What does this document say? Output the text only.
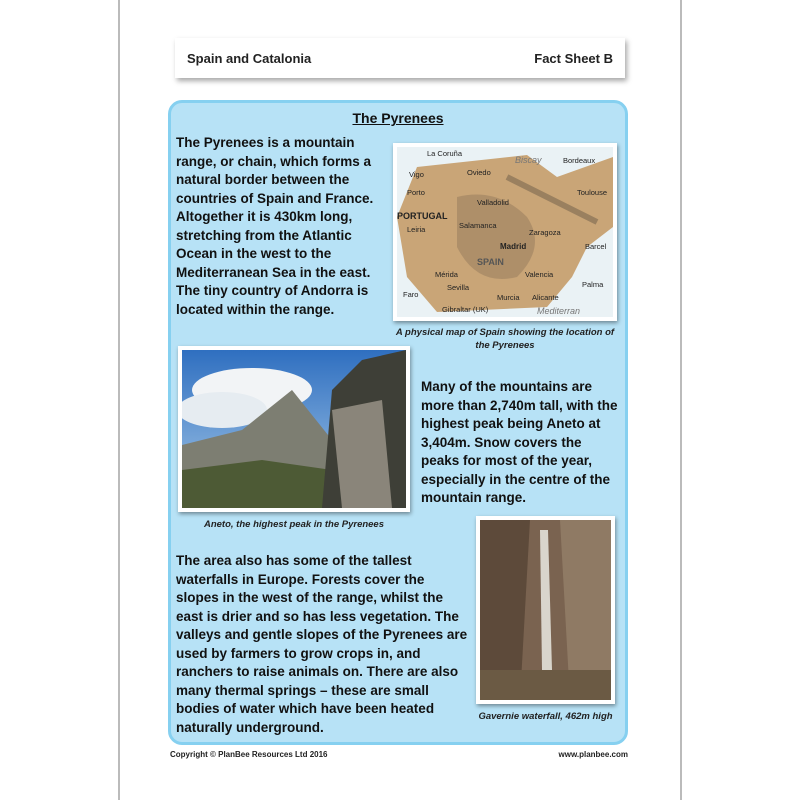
Spain and Catalonia	Fact Sheet B
The Pyrenees
The Pyrenees is a mountain range, or chain, which forms a natural border between the countries of Spain and France. Altogether it is 430km long, stretching from the Atlantic Ocean in the west to the Mediterranean Sea in the east. The tiny country of Andorra is located within the range.
La Coruña
Biscay	Bordeaux
Vigo	Oviedo
Porto
Valladolid
Toulouse
PORTUGAL
Leiria	Salamanca
Zaragoza
Madrid
SPAIN
Barcel
Mérida	Valencia
Sevilla
Faro	Murcia Alicante
Palma
Gibraltar (UK)	Mediterran
A physical map of Spain showing the location of the Pyrenees
Aneto, the highest peak in the Pyrenees
Many of the mountains are more than 2,740m tall, with the highest peak being Aneto at 3,404m. Snow covers the peaks for most of the year, especially in the centre of the mountain range.
Gavernie waterfall, 462m high
The area also has some of the tallest waterfalls in Europe. Forests cover the slopes in the west of the range, whilst the east is drier and so has less vegetation. The valleys and gentle slopes of the Pyrenees are used by farmers to grow crops in, and ranchers to raise animals on. There are also many thermal springs – these are small bodies of water which have been heated naturally underground.
Copyright © PlanBee Resources Ltd 2016	www.planbee.com
